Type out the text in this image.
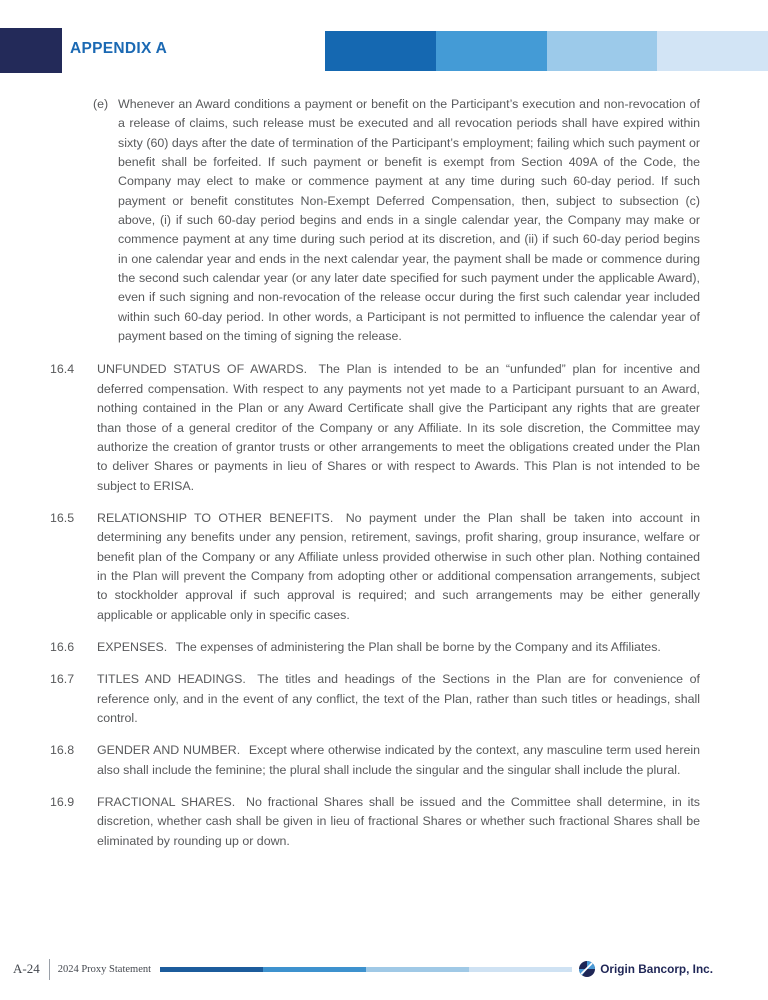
APPENDIX A
(e) Whenever an Award conditions a payment or benefit on the Participant’s execution and non-revocation of a release of claims, such release must be executed and all revocation periods shall have expired within sixty (60) days after the date of termination of the Participant’s employment; failing which such payment or benefit shall be forfeited. If such payment or benefit is exempt from Section 409A of the Code, the Company may elect to make or commence payment at any time during such 60-day period. If such payment or benefit constitutes Non-Exempt Deferred Compensation, then, subject to subsection (c) above, (i) if such 60-day period begins and ends in a single calendar year, the Company may make or commence payment at any time during such period at its discretion, and (ii) if such 60-day period begins in one calendar year and ends in the next calendar year, the payment shall be made or commence during the second such calendar year (or any later date specified for such payment under the applicable Award), even if such signing and non-revocation of the release occur during the first such calendar year included within such 60-day period. In other words, a Participant is not permitted to influence the calendar year of payment based on the timing of signing the release.
16.4	UNFUNDED STATUS OF AWARDS. The Plan is intended to be an “unfunded” plan for incentive and deferred compensation. With respect to any payments not yet made to a Participant pursuant to an Award, nothing contained in the Plan or any Award Certificate shall give the Participant any rights that are greater than those of a general creditor of the Company or any Affiliate. In its sole discretion, the Committee may authorize the creation of grantor trusts or other arrangements to meet the obligations created under the Plan to deliver Shares or payments in lieu of Shares or with respect to Awards. This Plan is not intended to be subject to ERISA.
16.5	RELATIONSHIP TO OTHER BENEFITS. No payment under the Plan shall be taken into account in determining any benefits under any pension, retirement, savings, profit sharing, group insurance, welfare or benefit plan of the Company or any Affiliate unless provided otherwise in such other plan. Nothing contained in the Plan will prevent the Company from adopting other or additional compensation arrangements, subject to stockholder approval if such approval is required; and such arrangements may be either generally applicable or applicable only in specific cases.
16.6	EXPENSES. The expenses of administering the Plan shall be borne by the Company and its Affiliates.
16.7	TITLES AND HEADINGS. The titles and headings of the Sections in the Plan are for convenience of reference only, and in the event of any conflict, the text of the Plan, rather than such titles or headings, shall control.
16.8	GENDER AND NUMBER. Except where otherwise indicated by the context, any masculine term used herein also shall include the feminine; the plural shall include the singular and the singular shall include the plural.
16.9	FRACTIONAL SHARES. No fractional Shares shall be issued and the Committee shall determine, in its discretion, whether cash shall be given in lieu of fractional Shares or whether such fractional Shares shall be eliminated by rounding up or down.
A-24 2024 Proxy Statement	Origin Bancorp, Inc.
